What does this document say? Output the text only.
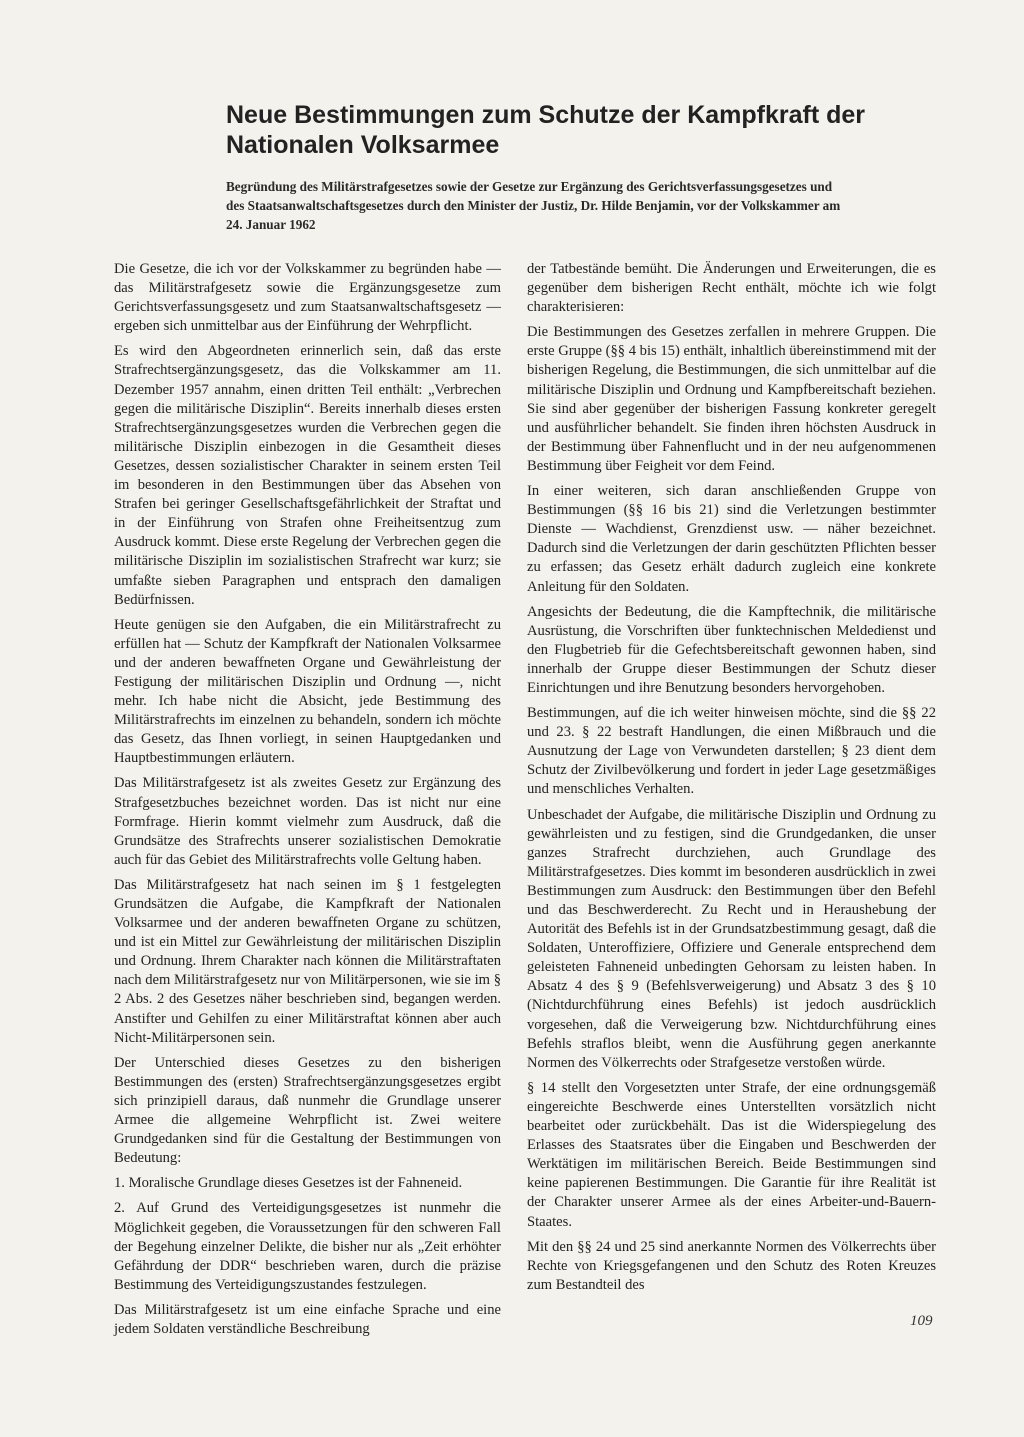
Neue Bestimmungen zum Schutze der Kampfkraft der Nationalen Volksarmee

Begründung des Militärstrafgesetzes sowie der Gesetze zur Ergänzung des Gerichtsverfassungsgesetzes und des Staatsanwaltschaftsgesetzes durch den Minister der Justiz, Dr. Hilde Benjamin, vor der Volkskammer am 24. Januar 1962

Die Gesetze, die ich vor der Volkskammer zu begründen habe — das Militärstrafgesetz sowie die Ergänzungsgesetze zum Gerichtsverfassungsgesetz und zum Staatsanwaltschaftsgesetz — ergeben sich unmittelbar aus der Einführung der Wehrpflicht.

Es wird den Abgeordneten erinnerlich sein, daß das erste Strafrechtsergänzungsgesetz, das die Volkskammer am 11. Dezember 1957 annahm, einen dritten Teil enthält: „Verbrechen gegen die militärische Disziplin“. Bereits innerhalb dieses ersten Strafrechtsergänzungsgesetzes wurden die Verbrechen gegen die militärische Disziplin einbezogen in die Gesamtheit dieses Gesetzes, dessen sozialistischer Charakter in seinem ersten Teil im besonderen in den Bestimmungen über das Absehen von Strafen bei geringer Gesellschaftsgefährlichkeit der Straftat und in der Einführung von Strafen ohne Freiheitsentzug zum Ausdruck kommt. Diese erste Regelung der Verbrechen gegen die militärische Disziplin im sozialistischen Strafrecht war kurz; sie umfaßte sieben Paragraphen und entsprach den damaligen Bedürfnissen.

Heute genügen sie den Aufgaben, die ein Militärstrafrecht zu erfüllen hat — Schutz der Kampfkraft der Nationalen Volksarmee und der anderen bewaffneten Organe und Gewährleistung der Festigung der militärischen Disziplin und Ordnung —, nicht mehr. Ich habe nicht die Absicht, jede Bestimmung des Militärstrafrechts im einzelnen zu behandeln, sondern ich möchte das Gesetz, das Ihnen vorliegt, in seinen Hauptgedanken und Hauptbestimmungen erläutern.

Das Militärstrafgesetz ist als zweites Gesetz zur Ergänzung des Strafgesetzbuches bezeichnet worden. Das ist nicht nur eine Formfrage. Hierin kommt vielmehr zum Ausdruck, daß die Grundsätze des Strafrechts unserer sozialistischen Demokratie auch für das Gebiet des Militärstrafrechts volle Geltung haben.

Das Militärstrafgesetz hat nach seinen im § 1 festgelegten Grundsätzen die Aufgabe, die Kampfkraft der Nationalen Volksarmee und der anderen bewaffneten Organe zu schützen, und ist ein Mittel zur Gewährleistung der militärischen Disziplin und Ordnung. Ihrem Charakter nach können die Militärstraftaten nach dem Militärstrafgesetz nur von Militärpersonen, wie sie im § 2 Abs. 2 des Gesetzes näher beschrieben sind, begangen werden. Anstifter und Gehilfen zu einer Militärstraftat können aber auch Nicht-Militärpersonen sein.

Der Unterschied dieses Gesetzes zu den bisherigen Bestimmungen des (ersten) Strafrechtsergänzungsgesetzes ergibt sich prinzipiell daraus, daß nunmehr die Grundlage unserer Armee die allgemeine Wehrpflicht ist. Zwei weitere Grundgedanken sind für die Gestaltung der Bestimmungen von Bedeutung:

1. Moralische Grundlage dieses Gesetzes ist der Fahneneid.

2. Auf Grund des Verteidigungsgesetzes ist nunmehr die Möglichkeit gegeben, die Voraussetzungen für den schweren Fall der Begehung einzelner Delikte, die bisher nur als „Zeit erhöhter Gefährdung der DDR“ beschrieben waren, durch die präzise Bestimmung des Verteidigungszustandes festzulegen.

Das Militärstrafgesetz ist um eine einfache Sprache und eine jedem Soldaten verständliche Beschreibung

der Tatbestände bemüht. Die Änderungen und Erweiterungen, die es gegenüber dem bisherigen Recht enthält, möchte ich wie folgt charakterisieren:

Die Bestimmungen des Gesetzes zerfallen in mehrere Gruppen. Die erste Gruppe (§§ 4 bis 15) enthält, inhaltlich übereinstimmend mit der bisherigen Regelung, die Bestimmungen, die sich unmittelbar auf die militärische Disziplin und Ordnung und Kampfbereitschaft beziehen. Sie sind aber gegenüber der bisherigen Fassung konkreter geregelt und ausführlicher behandelt. Sie finden ihren höchsten Ausdruck in der Bestimmung über Fahnenflucht und in der neu aufgenommenen Bestimmung über Feigheit vor dem Feind.

In einer weiteren, sich daran anschließenden Gruppe von Bestimmungen (§§ 16 bis 21) sind die Verletzungen bestimmter Dienste — Wachdienst, Grenzdienst usw. — näher bezeichnet. Dadurch sind die Verletzungen der darin geschützten Pflichten besser zu erfassen; das Gesetz erhält dadurch zugleich eine konkrete Anleitung für den Soldaten.

Angesichts der Bedeutung, die die Kampftechnik, die militärische Ausrüstung, die Vorschriften über funktechnischen Meldedienst und den Flugbetrieb für die Gefechtsbereitschaft gewonnen haben, sind innerhalb der Gruppe dieser Bestimmungen der Schutz dieser Einrichtungen und ihre Benutzung besonders hervorgehoben.

Bestimmungen, auf die ich weiter hinweisen möchte, sind die §§ 22 und 23. § 22 bestraft Handlungen, die einen Mißbrauch und die Ausnutzung der Lage von Verwundeten darstellen; § 23 dient dem Schutz der Zivilbevölkerung und fordert in jeder Lage gesetzmäßiges und menschliches Verhalten.

Unbeschadet der Aufgabe, die militärische Disziplin und Ordnung zu gewährleisten und zu festigen, sind die Grundgedanken, die unser ganzes Strafrecht durchziehen, auch Grundlage des Militärstrafgesetzes. Dies kommt im besonderen ausdrücklich in zwei Bestimmungen zum Ausdruck: den Bestimmungen über den Befehl und das Beschwerderecht. Zu Recht und in Heraushebung der Autorität des Befehls ist in der Grundsatzbestimmung gesagt, daß die Soldaten, Unteroffiziere, Offiziere und Generale entsprechend dem geleisteten Fahneneid unbedingten Gehorsam zu leisten haben. In Absatz 4 des § 9 (Befehlsverweigerung) und Absatz 3 des § 10 (Nichtdurchführung eines Befehls) ist jedoch ausdrücklich vorgesehen, daß die Verweigerung bzw. Nichtdurchführung eines Befehls straflos bleibt, wenn die Ausführung gegen anerkannte Normen des Völkerrechts oder Strafgesetze verstoßen würde.

§ 14 stellt den Vorgesetzten unter Strafe, der eine ordnungsgemäß eingereichte Beschwerde eines Unterstellten vorsätzlich nicht bearbeitet oder zurückbehält. Das ist die Widerspiegelung des Erlasses des Staatsrates über die Eingaben und Beschwerden der Werktätigen im militärischen Bereich. Beide Bestimmungen sind keine papierenen Bestimmungen. Die Garantie für ihre Realität ist der Charakter unserer Armee als der eines Arbeiter-und-Bauern-Staates.

Mit den §§ 24 und 25 sind anerkannte Normen des Völkerrechts über Rechte von Kriegsgefangenen und den Schutz des Roten Kreuzes zum Bestandteil des

109
